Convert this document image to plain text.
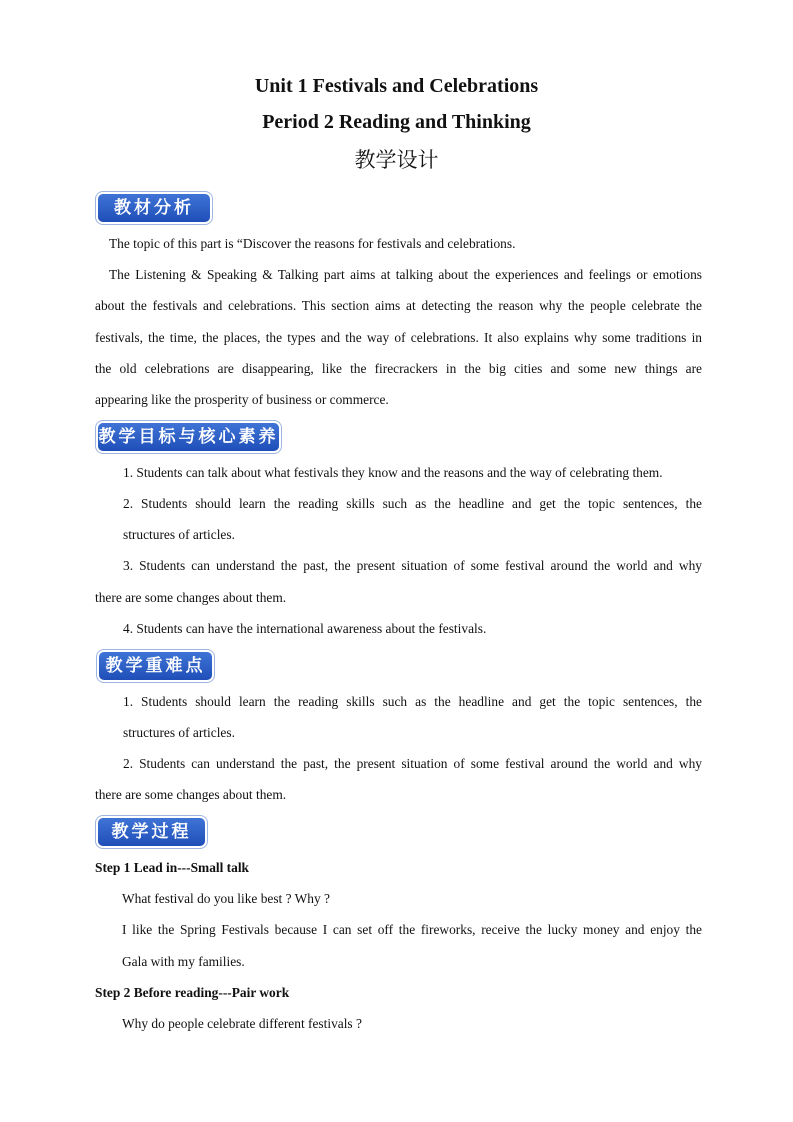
Unit 1 Festivals and Celebrations
Period 2 Reading and Thinking
教学设计
教材分析
The topic of this part is “Discover the reasons for festivals and celebrations.
The Listening & Speaking & Talking part aims at talking about the experiences and feelings or emotions
about the festivals and celebrations. This section aims at detecting the reason why the people celebrate the
festivals, the time, the places, the types and the way of celebrations. It also explains why some traditions in
the old celebrations are disappearing, like the firecrackers in the big cities and some new things are
appearing like the prosperity of business or commerce.
教学目标与核心素养
1. Students can talk about what festivals they know and the reasons and the way of celebrating them.
2. Students should learn the reading skills such as the headline and get the topic sentences, the
structures of articles.
3. Students can understand the past, the present situation of some festival around the world and why
there are some changes about them.
4. Students can have the international awareness about the festivals.
教学重难点
1. Students should learn the reading skills such as the headline and get the topic sentences, the
structures of articles.
2. Students can understand the past, the present situation of some festival around the world and why
there are some changes about them.
教学过程
Step 1 Lead in---Small talk
What festival do you like best ? Why ?
I like the Spring Festivals because I can set off the fireworks, receive the lucky money and enjoy the
Gala with my families.
Step 2 Before reading---Pair work
Why do people celebrate different festivals ?
